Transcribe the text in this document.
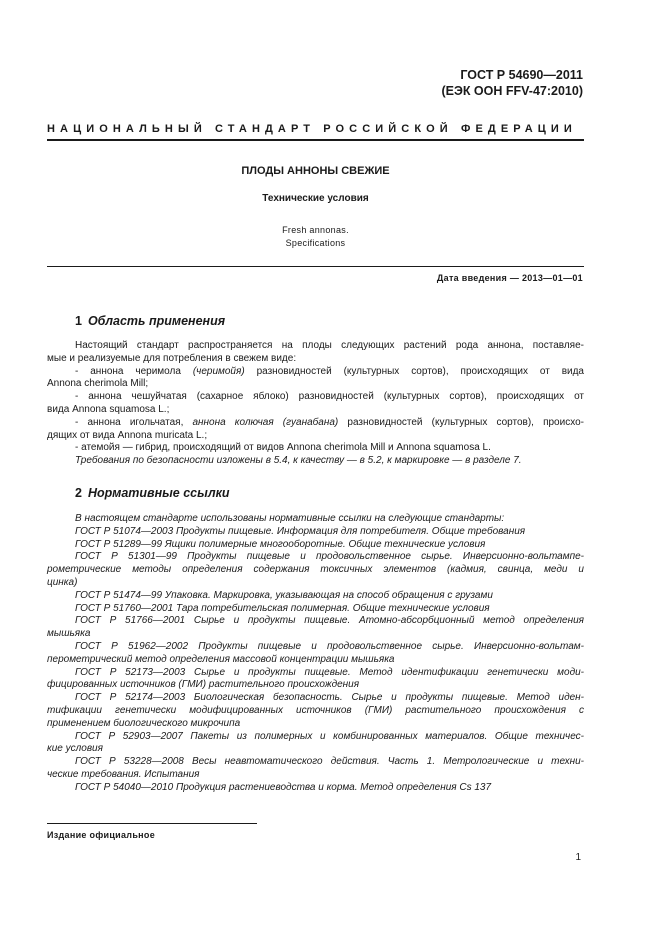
ГОСТ Р 54690—2011
(ЕЭК ООН FFV-47:2010)
НАЦИОНАЛЬНЫЙ СТАНДАРТ РОССИЙСКОЙ ФЕДЕРАЦИИ
ПЛОДЫ АННОНЫ СВЕЖИЕ
Технические условия
Fresh annonas.
Specifications
Дата введения — 2013—01—01
1 Область применения
Настоящий стандарт распространяется на плоды следующих растений рода аннона, поставляе-
мые и реализуемые для потребления в свежем виде:
- аннона черимола (черимойя) разновидностей (культурных сортов), происходящих от вида
Annona cherimola Mill;
- аннона чешуйчатая (сахарное яблоко) разновидностей (культурных сортов), происходящих от
вида Annona squamosa L.;
- аннона игольчатая, аннона колючая (гуанабана) разновидностей (культурных сортов), происхо-
дящих от вида Annona muricata L.;
- атемойя — гибрид, происходящий от видов Annona cherimola Mill и Annona squamosa L.
Требования по безопасности изложены в 5.4, к качеству — в 5.2, к маркировке — в разделе 7.
2 Нормативные ссылки
В настоящем стандарте использованы нормативные ссылки на следующие стандарты:
ГОСТ Р 51074—2003 Продукты пищевые. Информация для потребителя. Общие требования
ГОСТ Р 51289—99 Ящики полимерные многооборотные. Общие технические условия
ГОСТ Р 51301—99 Продукты пищевые и продовольственное сырье. Инверсионно-вольтампе-
рометрические методы определения содержания токсичных элементов (кадмия, свинца, меди и
цинка)
ГОСТ Р 51474—99 Упаковка. Маркировка, указывающая на способ обращения с грузами
ГОСТ Р 51760—2001 Тара потребительская полимерная. Общие технические условия
ГОСТ Р 51766—2001 Сырье и продукты пищевые. Атомно-абсорбционный метод определения
мышьяка
ГОСТ Р 51962—2002 Продукты пищевые и продовольственное сырье. Инверсионно-вольтам-
перометрический метод определения массовой концентрации мышьяка
ГОСТ Р 52173—2003 Сырье и продукты пищевые. Метод идентификации генетически моди-
фицированных источников (ГМИ) растительного происхождения
ГОСТ Р 52174—2003 Биологическая безопасность. Сырье и продукты пищевые. Метод иден-
тификации генетически модифицированных источников (ГМИ) растительного происхождения с
применением биологического микрочипа
ГОСТ Р 52903—2007 Пакеты из полимерных и комбинированных материалов. Общие техничес-
кие условия
ГОСТ Р 53228—2008 Весы неавтоматического действия. Часть 1. Метрологические и техни-
ческие требования. Испытания
ГОСТ Р 54040—2010 Продукция растениеводства и корма. Метод определения Cs 137
Издание официальное
1
